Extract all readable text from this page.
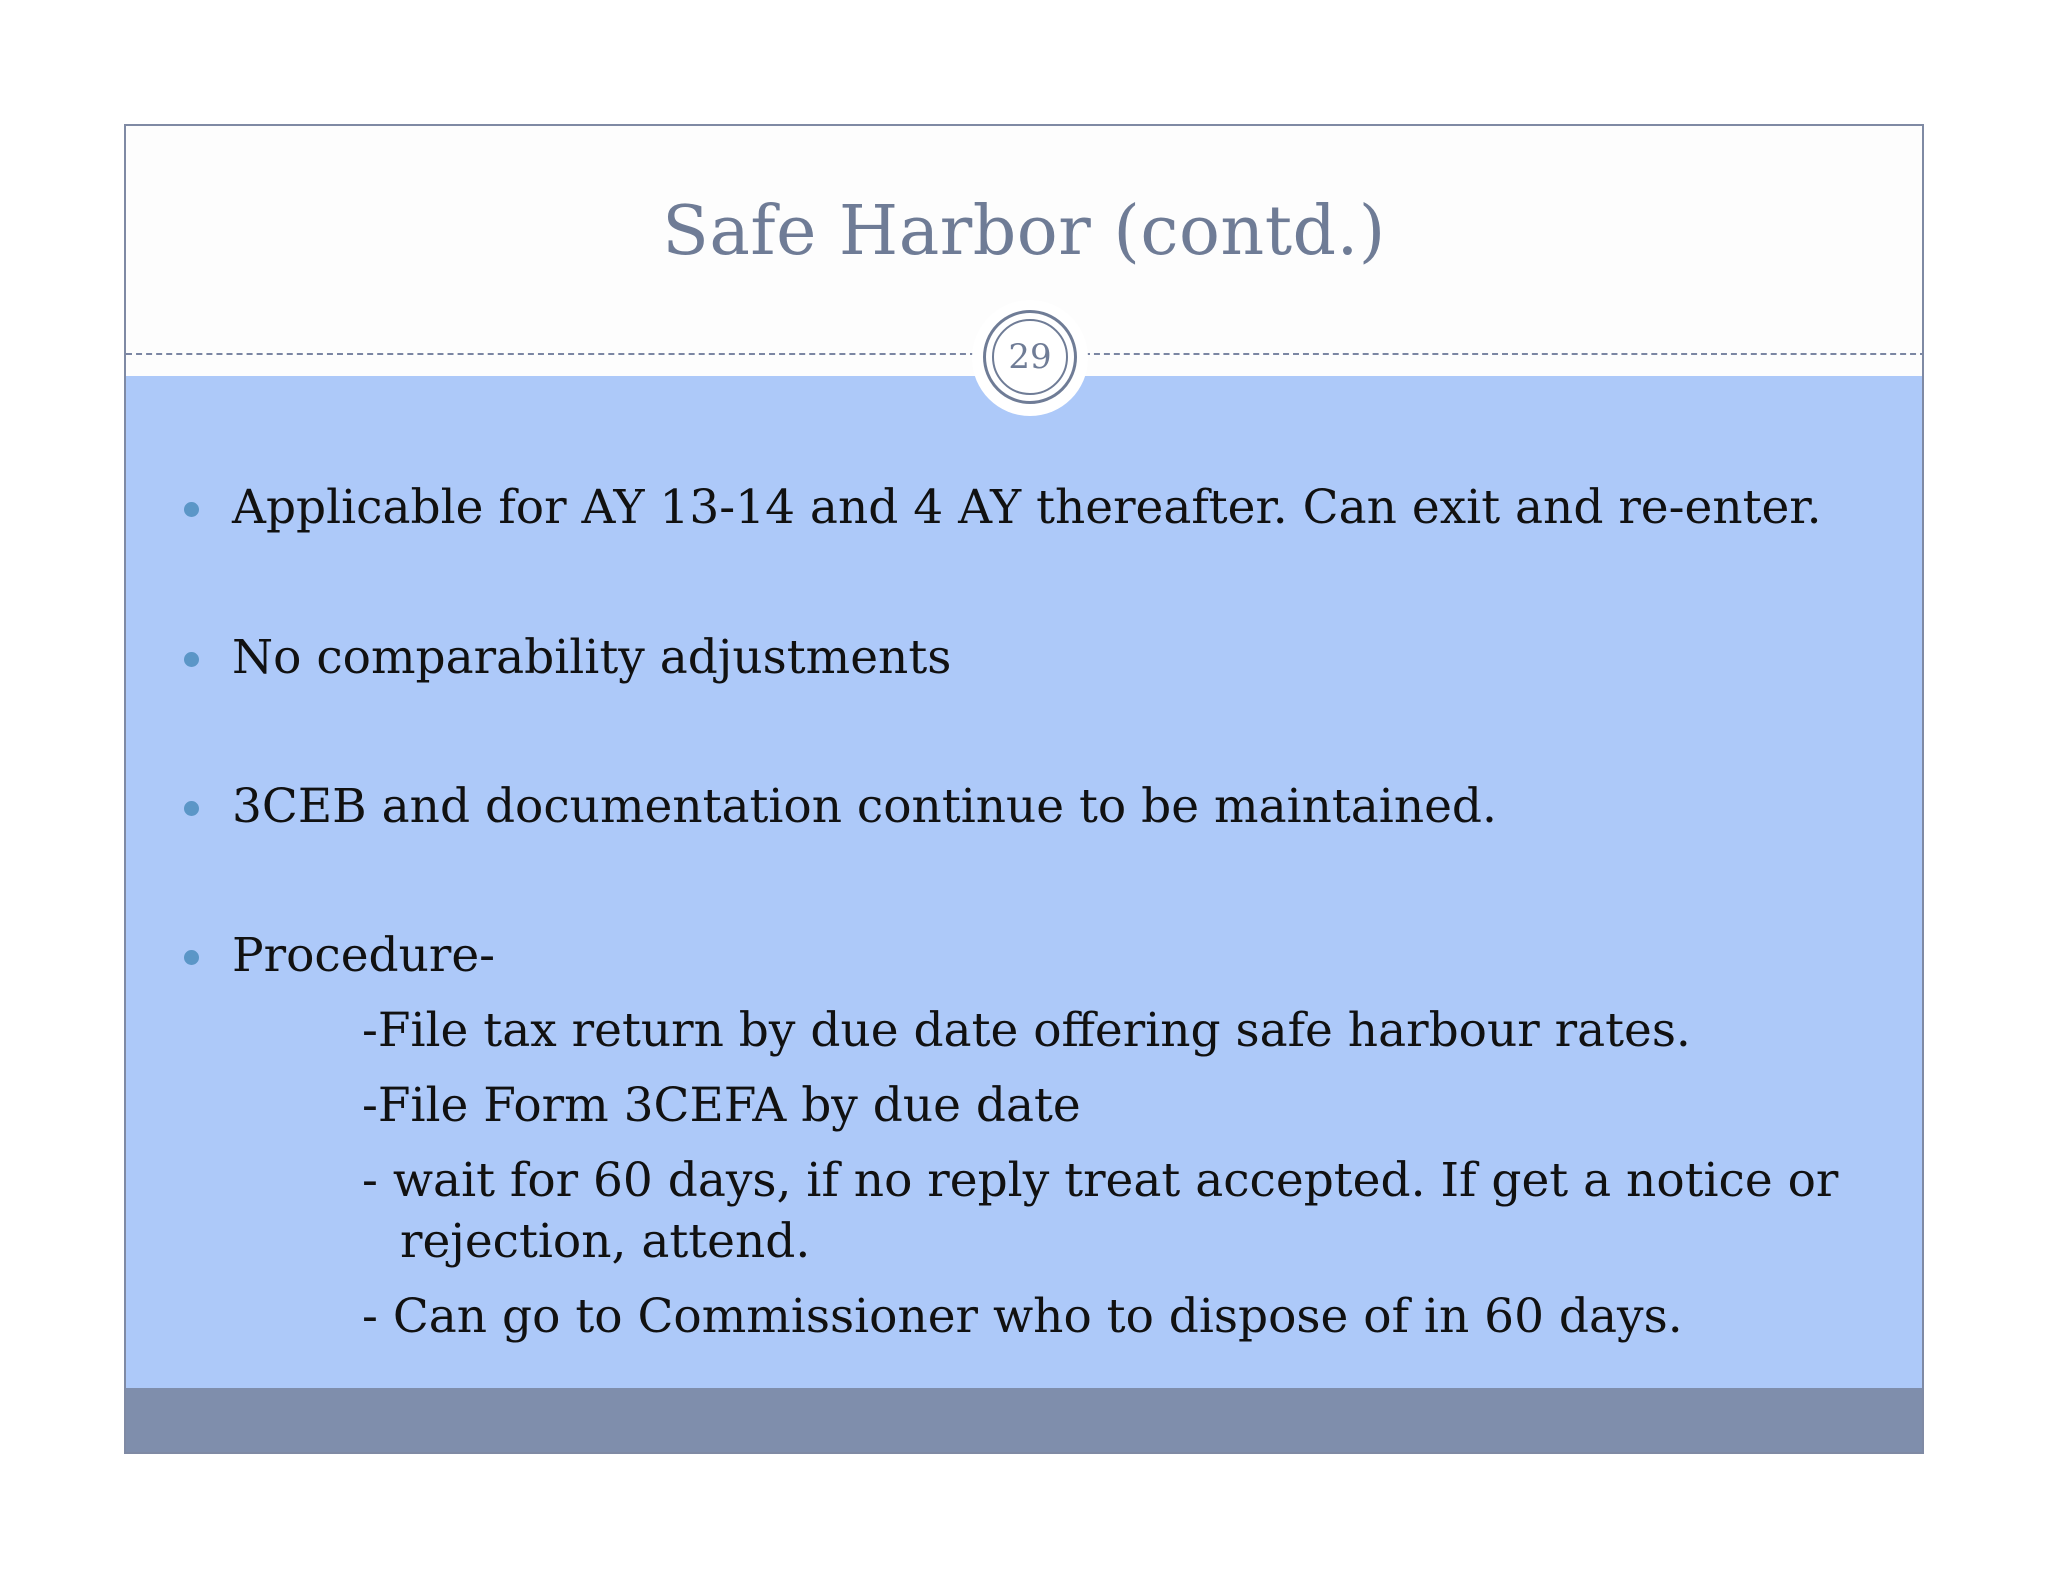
Safe Harbor (contd.)
29
Applicable for AY 13-14 and 4 AY thereafter. Can exit and re-enter.
No comparability adjustments
3CEB and documentation continue to be maintained.
Procedure-
-File tax return by due date offering safe harbour rates.
-File Form 3CEFA by due date
- wait for 60 days, if no reply treat accepted. If get a notice or
rejection, attend.
- Can go to Commissioner who to dispose of in 60 days.
